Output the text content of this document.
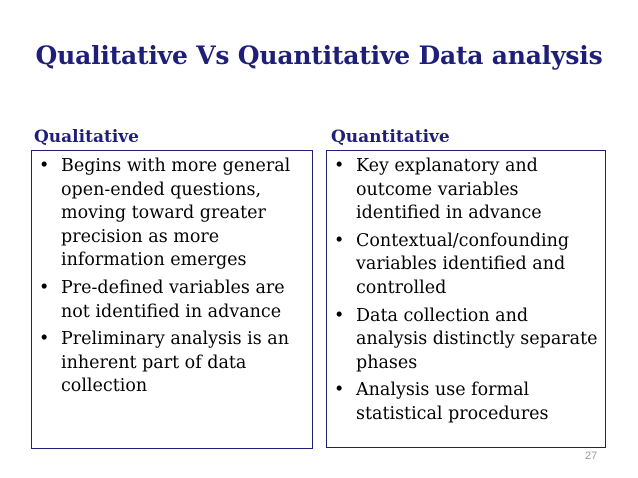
Qualitative Vs Quantitative Data analysis
Qualitative	Quantitative
• Begins with more general open-ended questions, moving toward greater precision as more information emerges
• Pre-defined variables are not identified in advance
• Preliminary analysis is an inherent part of data collection
• Key explanatory and outcome variables identified in advance
• Contextual/confounding variables identified and controlled
• Data collection and analysis distinctly separate phases
• Analysis use formal statistical procedures
27
